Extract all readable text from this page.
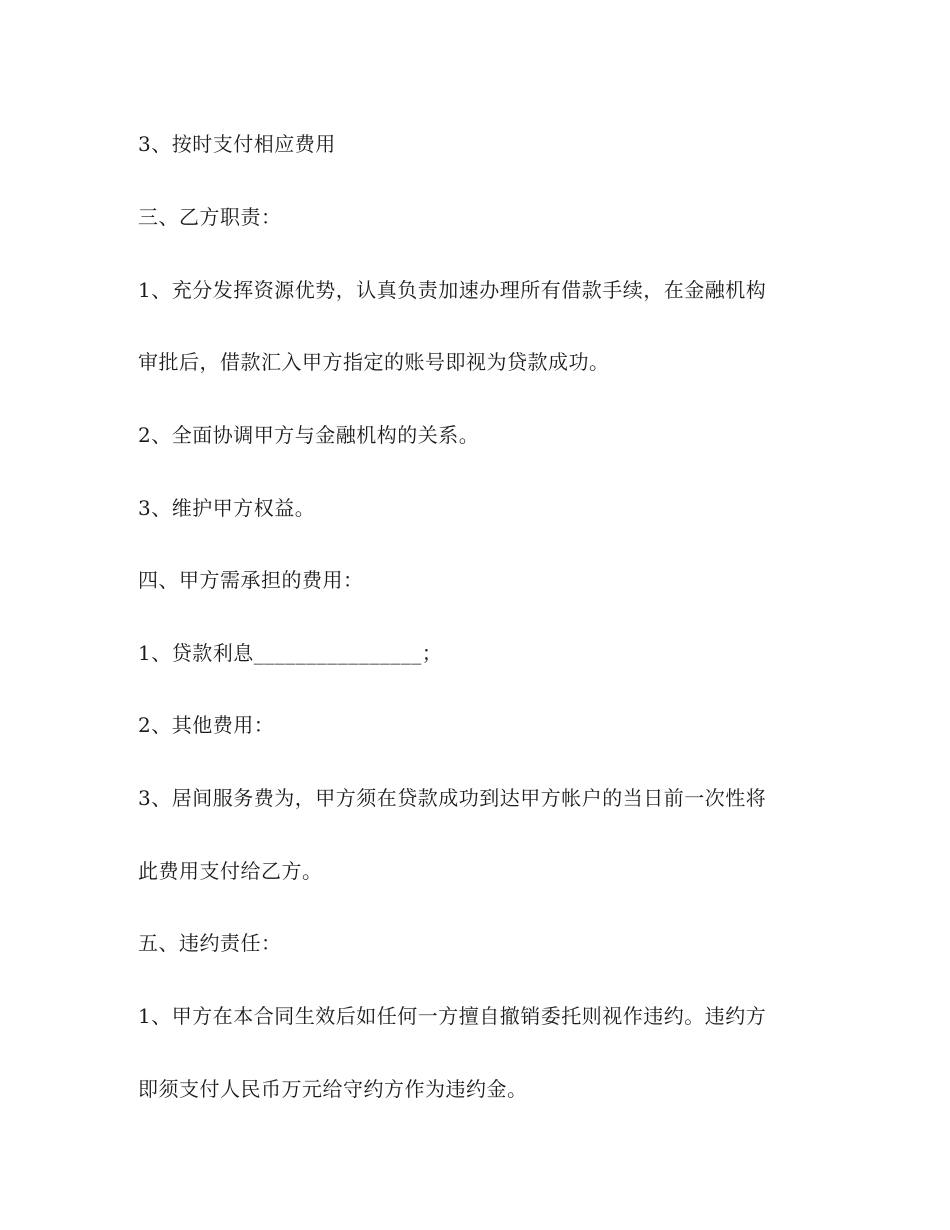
3、按时支付相应费用

三、乙方职责：

1、充分发挥资源优势，认真负责加速办理所有借款手续，在金融机构

审批后，借款汇入甲方指定的账号即视为贷款成功。

2、全面协调甲方与金融机构的关系。

3、维护甲方权益。

四、甲方需承担的费用：

1、贷款利息________________；

2、其他费用：

3、居间服务费为，甲方须在贷款成功到达甲方帐户的当日前一次性将

此费用支付给乙方。

五、违约责任：

1、甲方在本合同生效后如任何一方擅自撤销委托则视作违约。违约方

即须支付人民币万元给守约方作为违约金。
